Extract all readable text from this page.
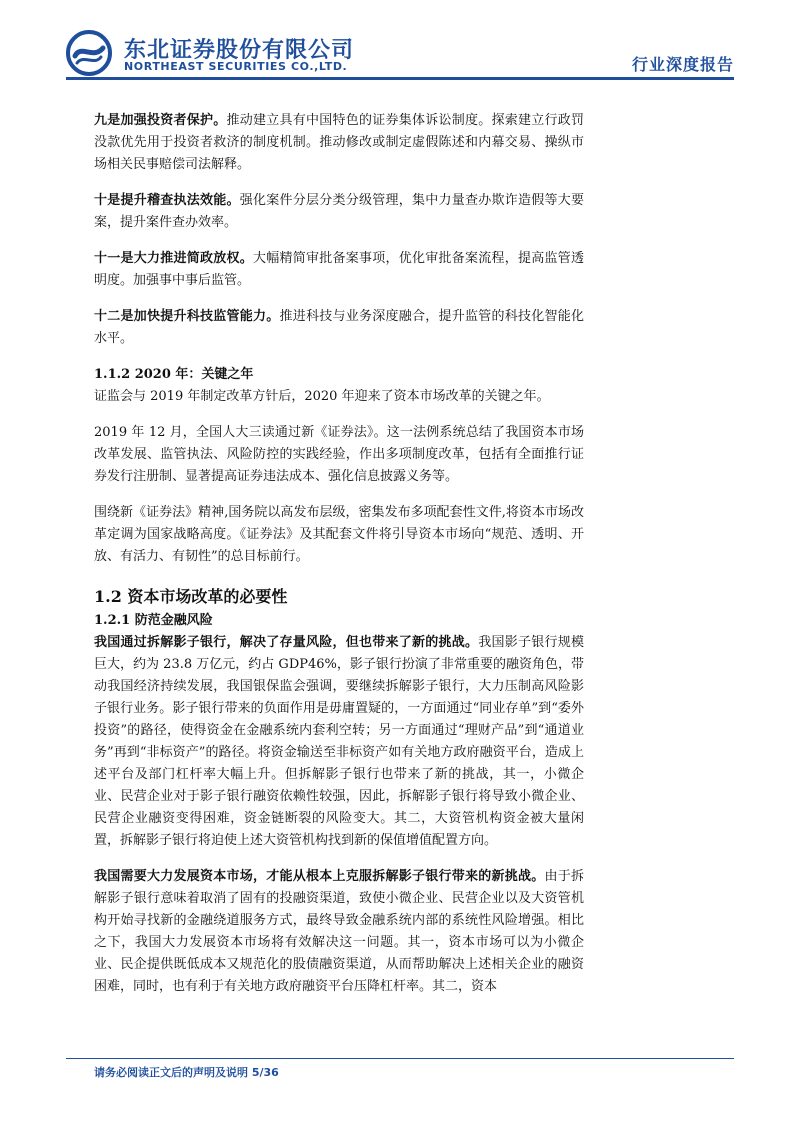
东北证券股份有限公司
NORTHEAST SECURITIES CO.,LTD.	行业深度报告

九是加强投资者保护。推动建立具有中国特色的证券集体诉讼制度。探索建立行政罚没款优先用于投资者救济的制度机制。推动修改或制定虚假陈述和内幕交易、操纵市场相关民事赔偿司法解释。

十是提升稽查执法效能。强化案件分层分类分级管理，集中力量查办欺诈造假等大要案，提升案件查办效率。

十一是大力推进简政放权。大幅精简审批备案事项，优化审批备案流程，提高监管透明度。加强事中事后监管。

十二是加快提升科技监管能力。推进科技与业务深度融合，提升监管的科技化智能化水平。

1.1.2 2020 年：关键之年

证监会与 2019 年制定改革方针后，2020 年迎来了资本市场改革的关键之年。

2019 年 12 月，全国人大三读通过新《证券法》。这一法例系统总结了我国资本市场改革发展、监管执法、风险防控的实践经验，作出多项制度改革，包括有全面推行证券发行注册制、显著提高证券违法成本、强化信息披露义务等。

围绕新《证券法》精神,国务院以高发布层级，密集发布多项配套性文件,将资本市场改革定调为国家战略高度。《证券法》及其配套文件将引导资本市场向“规范、透明、开放、有活力、有韧性”的总目标前行。

1.2 资本市场改革的必要性
1.2.1 防范金融风险

我国通过拆解影子银行，解决了存量风险，但也带来了新的挑战。我国影子银行规模巨大，约为 23.8 万亿元，约占 GDP46%，影子银行扮演了非常重要的融资角色，带动我国经济持续发展，我国银保监会强调，要继续拆解影子银行，大力压制高风险影子银行业务。影子银行带来的负面作用是毋庸置疑的，一方面通过“同业存单”到“委外投资”的路径，使得资金在金融系统内套利空转；另一方面通过“理财产品”到“通道业务”再到“非标资产”的路径。将资金输送至非标资产如有关地方政府融资平台，造成上述平台及部门杠杆率大幅上升。但拆解影子银行也带来了新的挑战，其一，小微企业、民营企业对于影子银行融资依赖性较强，因此，拆解影子银行将导致小微企业、民营企业融资变得困难，资金链断裂的风险变大。其二，大资管机构资金被大量闲置，拆解影子银行将迫使上述大资管机构找到新的保值增值配置方向。

我国需要大力发展资本市场，才能从根本上克服拆解影子银行带来的新挑战。由于拆解影子银行意味着取消了固有的投融资渠道，致使小微企业、民营企业以及大资管机构开始寻找新的金融绕道服务方式，最终导致金融系统内部的系统性风险增强。相比之下，我国大力发展资本市场将有效解决这一问题。其一，资本市场可以为小微企业、民企提供既低成本又规范化的股债融资渠道，从而帮助解决上述相关企业的融资困难，同时，也有利于有关地方政府融资平台压降杠杆率。其二，资本

请务必阅读正文后的声明及说明 5/36
